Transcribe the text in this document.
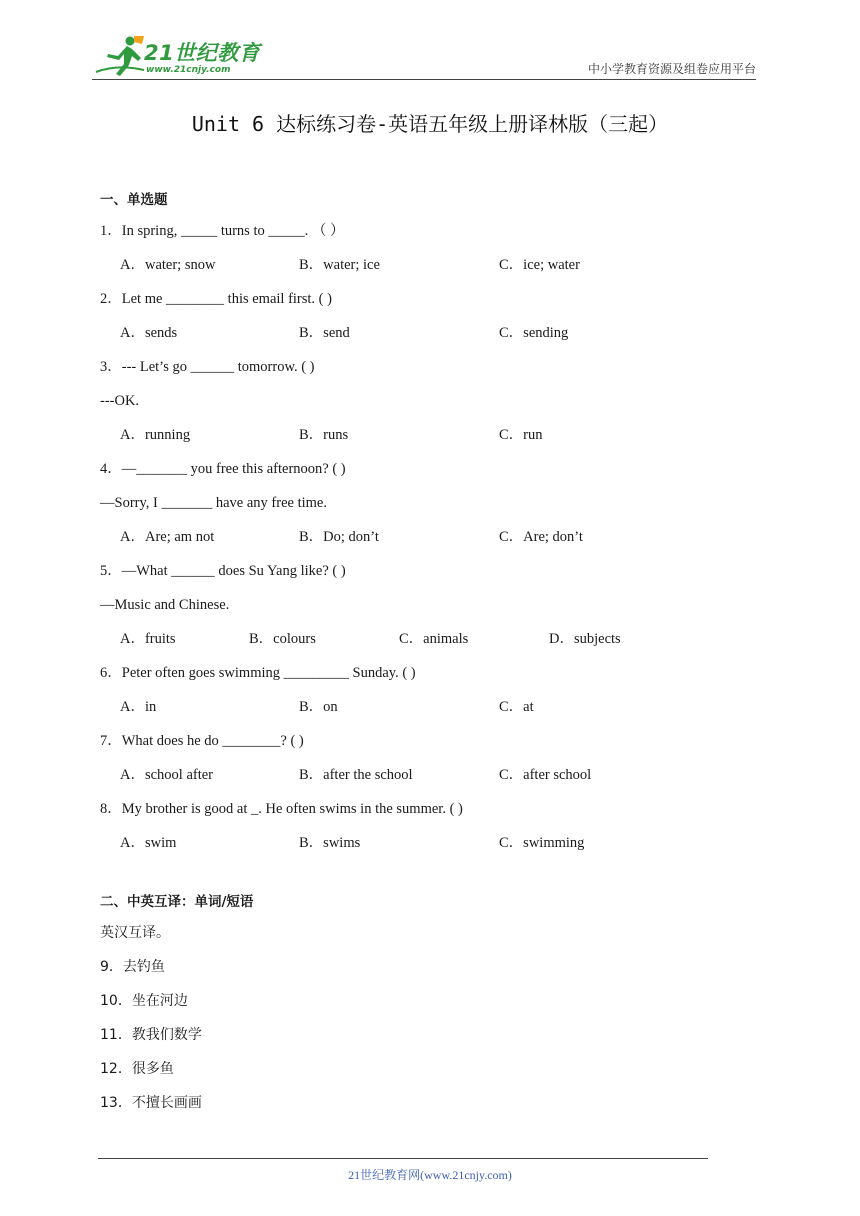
21世纪教育
www.21cnjy.com	中小学教育资源及组卷应用平台
Unit 6 达标练习卷-英语五年级上册译林版（三起）
一、单选题
1．In spring, _____ turns to _____. （ ）
A．water; snow	B．water; ice	C．ice; water
2．Let me ________ this email first. ( )
A．sends	B．send	C．sending
3．--- Let’s go ______ tomorrow. ( )
---OK.
A．running	B．runs	C．run
4．—_______ you free this afternoon? ( )
—Sorry, I _______ have any free time.
A．Are; am not	B．Do; don’t	C．Are; don’t
5．—What ______ does Su Yang like? ( )
—Music and Chinese.
A．fruits	B．colours	C．animals	D．subjects
6．Peter often goes swimming _________ Sunday. ( )
A．in	B．on	C．at
7．What does he do ________? ( )
A．school after	B．after the school	C．after school
8．My brother is good at _. He often swims in the summer. ( )
A．swim	B．swims	C．swimming
二、中英互译：单词/短语
英汉互译。
9．去钓鱼
10．坐在河边
11．教我们数学
12．很多鱼
13．不擅长画画
21世纪教育网(www.21cnjy.com)
